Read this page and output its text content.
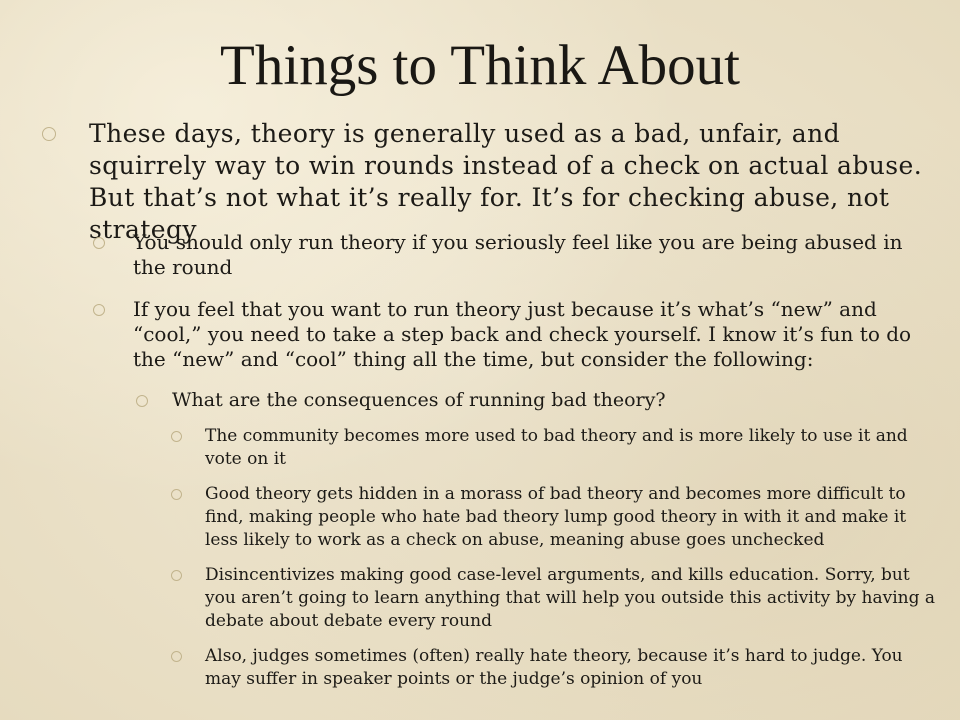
Things to Think About
These days, theory is generally used as a bad, unfair, and squirrely way to win rounds instead of a check on actual abuse. But that’s not what it’s really for. It’s for checking abuse, not strategy
You should only run theory if you seriously feel like you are being abused in the round
If you feel that you want to run theory just because it’s what’s “new” and “cool,” you need to take a step back and check yourself. I know it’s fun to do the “new” and “cool” thing all the time, but consider the following:
What are the consequences of running bad theory?
The community becomes more used to bad theory and is more likely to use it and vote on it
Good theory gets hidden in a morass of bad theory and becomes more difficult to find, making people who hate bad theory lump good theory in with it and make it less likely to work as a check on abuse, meaning abuse goes unchecked
Disincentivizes making good case-level arguments, and kills education. Sorry, but you aren’t going to learn anything that will help you outside this activity by having a debate about debate every round
Also, judges sometimes (often) really hate theory, because it’s hard to judge. You may suffer in speaker points or the judge’s opinion of you
